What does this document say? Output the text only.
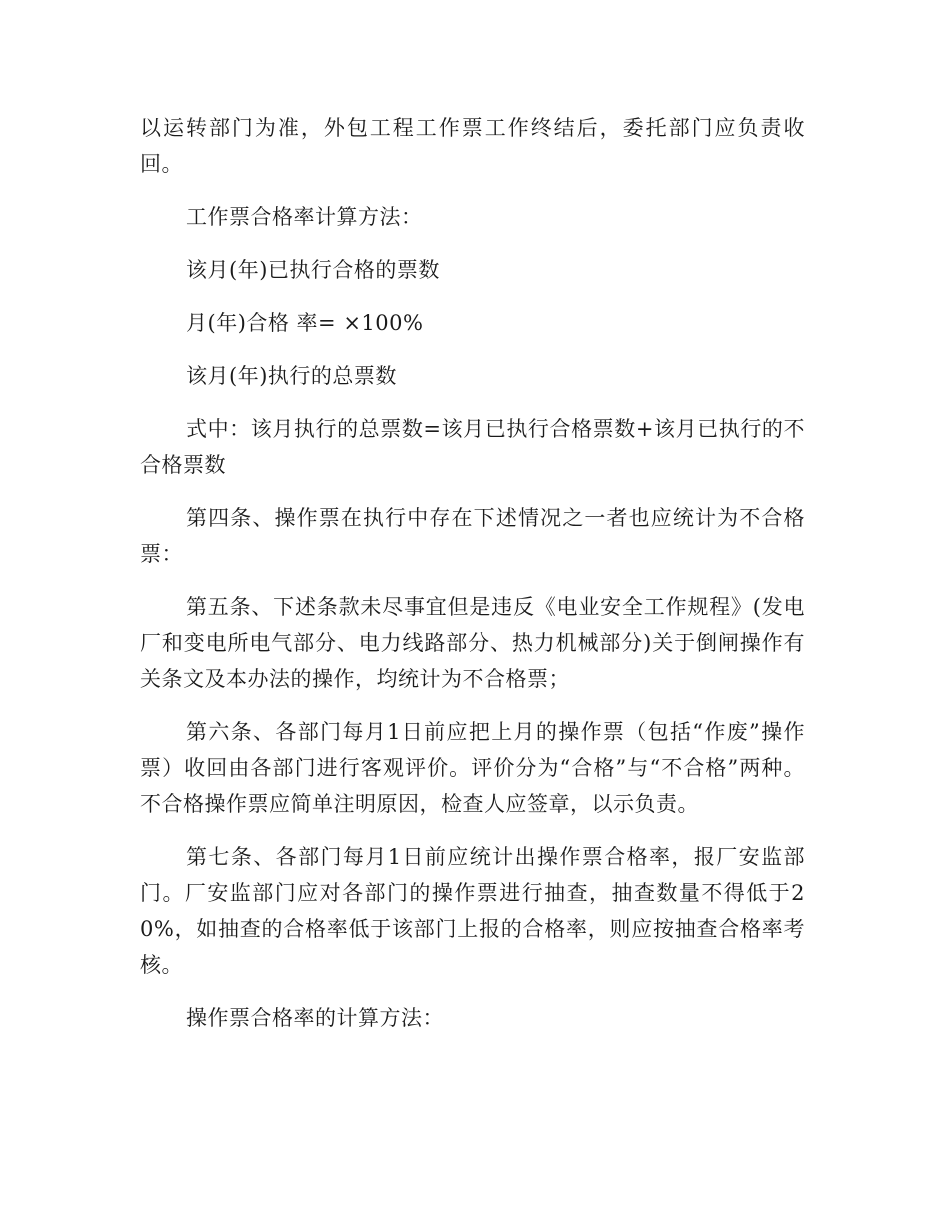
以运转部门为准，外包工程工作票工作终结后，委托部门应负责收回。

工作票合格率计算方法：

该月(年)已执行合格的票数

月(年)合格 率= ×100%

该月(年)执行的总票数

式中：该月执行的总票数=该月已执行合格票数+该月已执行的不合格票数

第四条、操作票在执行中存在下述情况之一者也应统计为不合格票：

第五条、下述条款未尽事宜但是违反《电业安全工作规程》(发电厂和变电所电气部分、电力线路部分、热力机械部分)关于倒闸操作有关条文及本办法的操作，均统计为不合格票；

第六条、各部门每月1日前应把上月的操作票（包括“作废”操作票）收回由各部门进行客观评价。评价分为“合格”与“不合格”两种。不合格操作票应简单注明原因，检查人应签章，以示负责。

第七条、各部门每月1日前应统计出操作票合格率，报厂安监部门。厂安监部门应对各部门的操作票进行抽查，抽查数量不得低于20%，如抽查的合格率低于该部门上报的合格率，则应按抽查合格率考核。

操作票合格率的计算方法：
